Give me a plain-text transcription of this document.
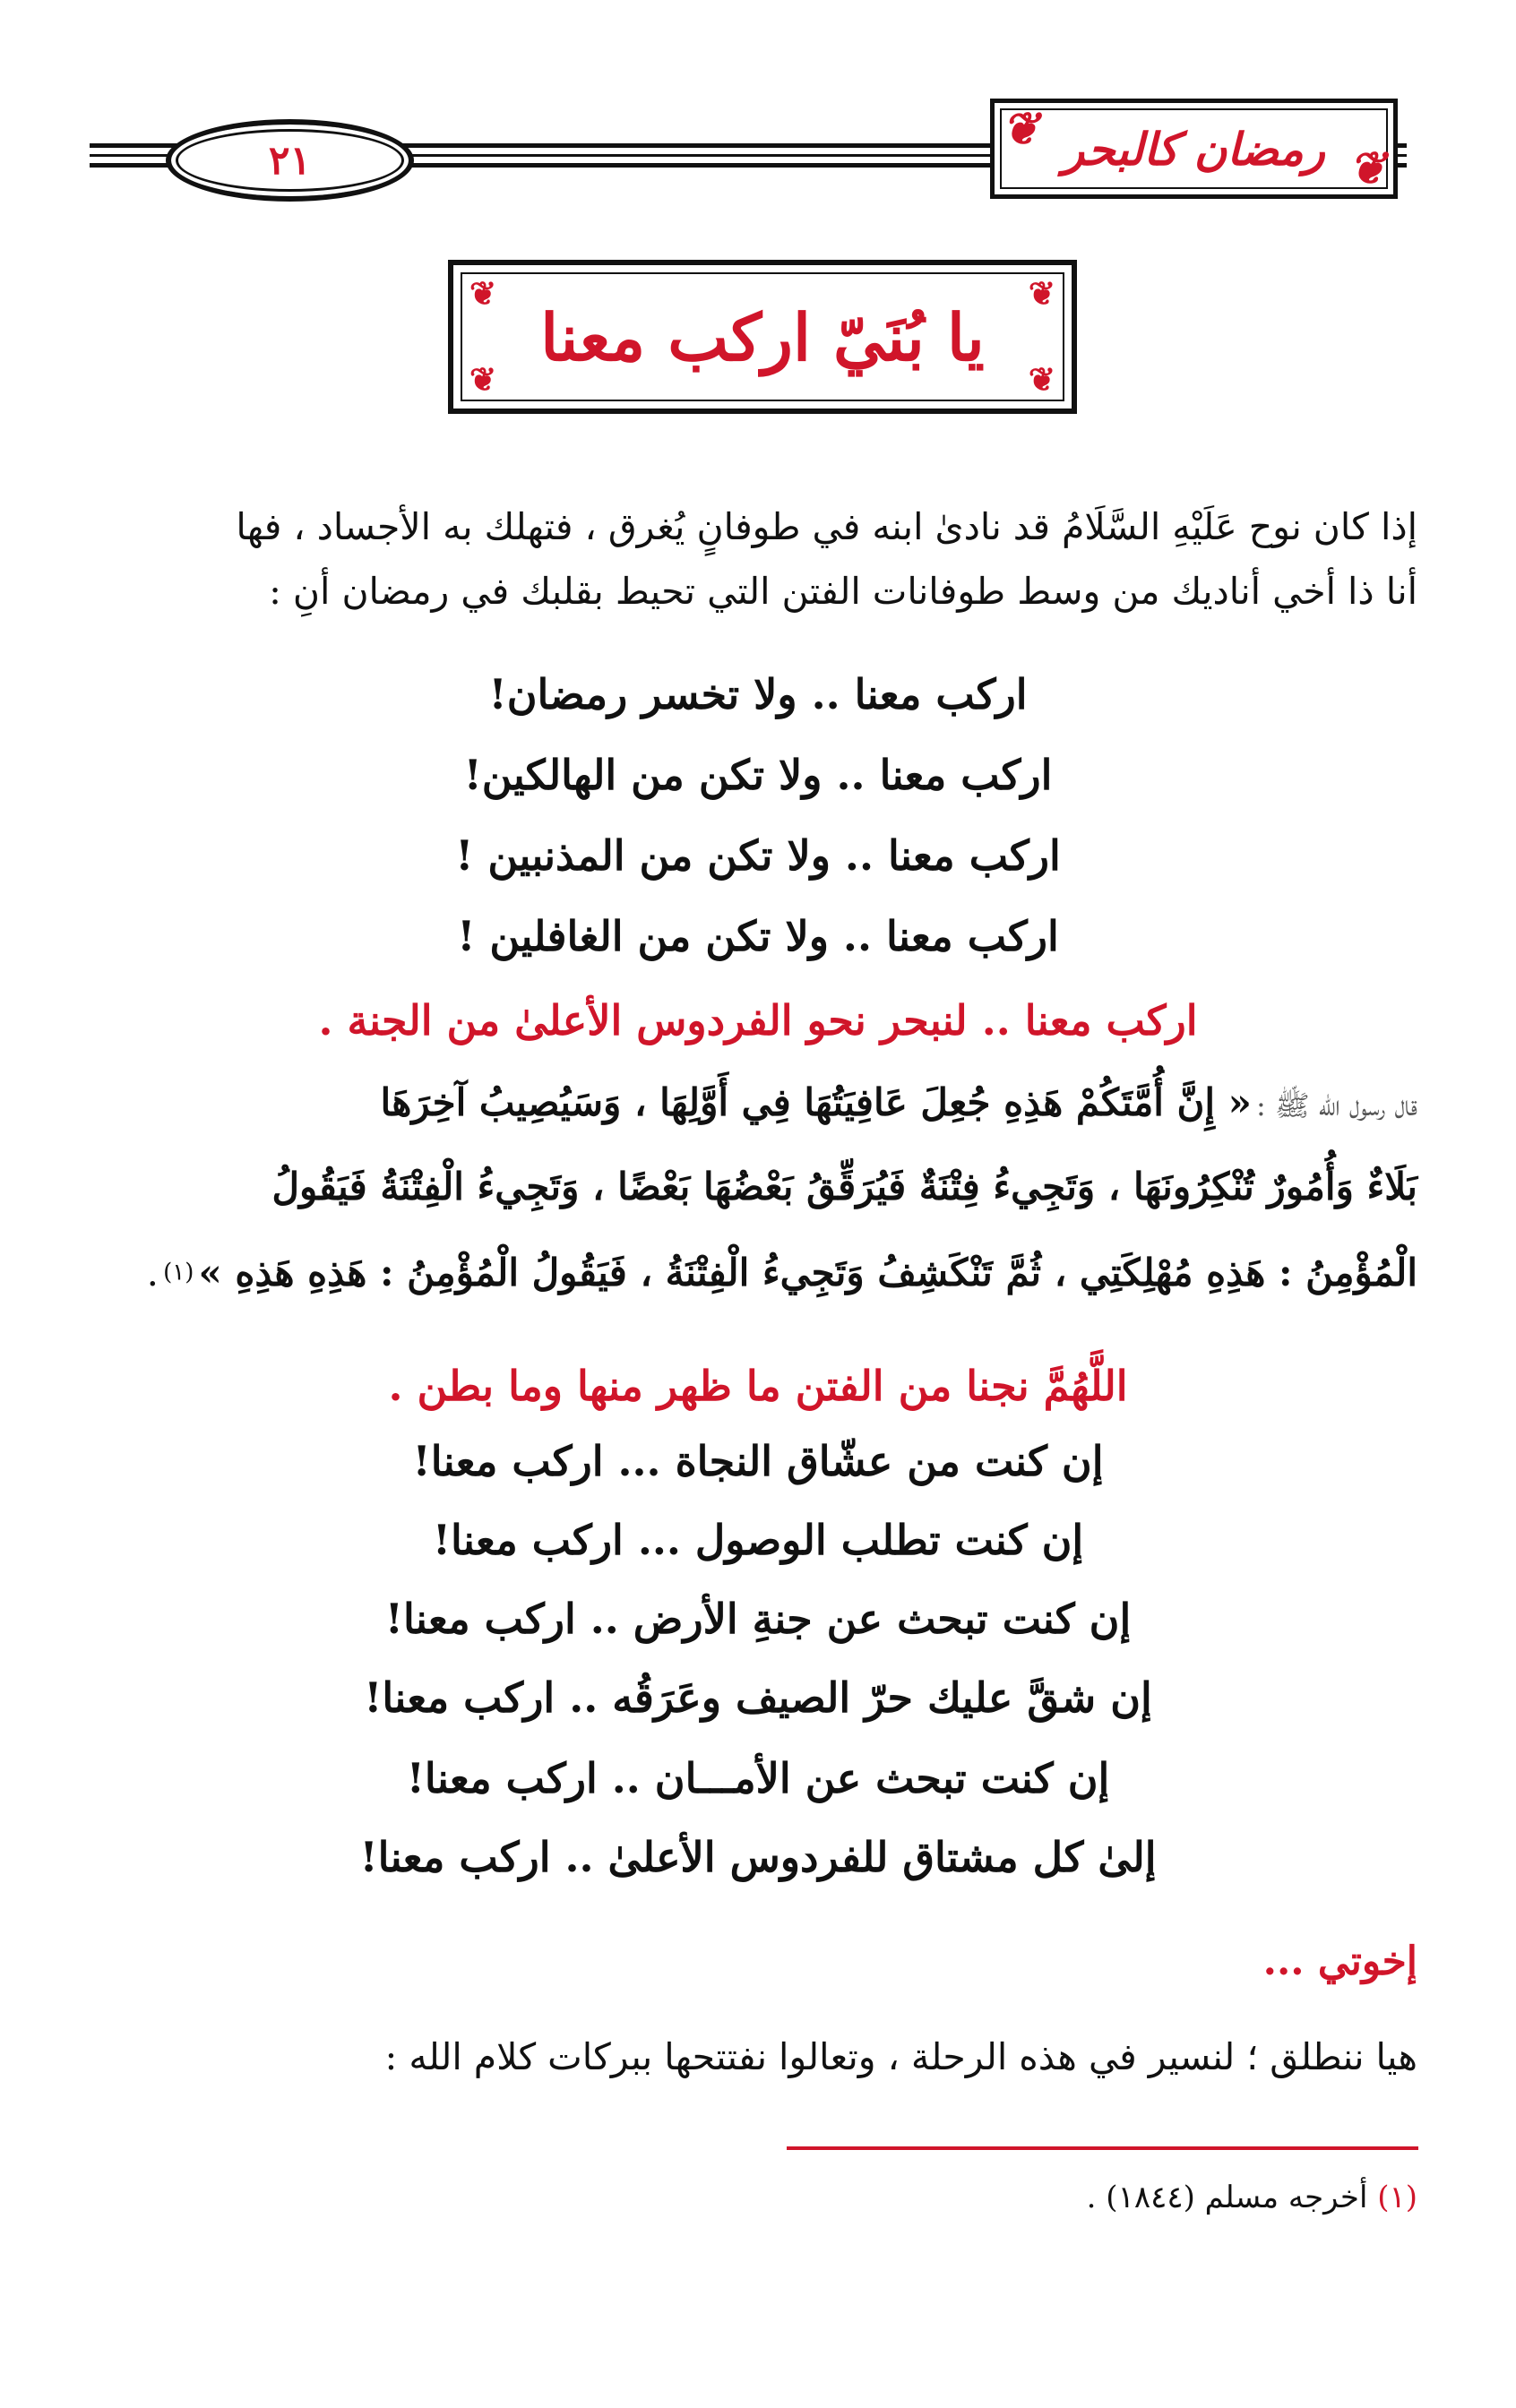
٢١	رمضان كالبحر
❦
❦
يا بُنَيّ اركب معنا
❦	❦
❦	❦
إذا كان نوح عَلَيْهِ السَّلَامُ قد نادىٰ ابنه في طوفانٍ يُغرق ، فتهلك به الأجساد ، فها
أنا ذا أخي أناديك من وسط طوفانات الفتن التي تحيط بقلبك في رمضان أنِ :
اركب معنا .. ولا تخسر رمضان!
اركب معنا .. ولا تكن من الهالكين!
اركب معنا .. ولا تكن من المذنبين !
اركب معنا .. ولا تكن من الغافلين !
اركب معنا .. لنبحر نحو الفردوس الأعلىٰ من الجنة .
قال رسول الله ﷺ : « إِنَّ أُمَّتَكُمْ هَذِهِ جُعِلَ عَافِيَتُهَا فِي أَوَّلِهَا ، وَسَيُصِيبُ آخِرَهَا
بَلَاءٌ وَأُمُورٌ تُنْكِرُونَهَا ، وَتَجِيءُ فِتْنَةٌ فَيُرَقِّقُ بَعْضُهَا بَعْضًا ، وَتَجِيءُ الْفِتْنَةُ فَيَقُولُ
الْمُؤْمِنُ : هَذِهِ مُهْلِكَتِي ، ثُمَّ تَنْكَشِفُ وَتَجِيءُ الْفِتْنَةُ ، فَيَقُولُ الْمُؤْمِنُ : هَذِهِ هَذِهِ » (١) .
اللَّهُمَّ نجنا من الفتن ما ظهر منها وما بطن .
إن كنت من عشّاق النجاة ... اركب معنا!
إن كنت تطلب الوصول ... اركب معنا!
إن كنت تبحث عن جنةِ الأرض .. اركب معنا!
إن شقَّ عليك حرّ الصيف وعَرَقُه .. اركب معنا!
إن كنت تبحث عن الأمـــان .. اركب معنا!
إلىٰ كل مشتاق للفردوس الأعلىٰ .. اركب معنا!
إخوتي ...
هيا ننطلق ؛ لنسير في هذه الرحلة ، وتعالوا نفتتحها ببركات كلام الله :
(١) أخرجه مسلم (١٨٤٤) .
